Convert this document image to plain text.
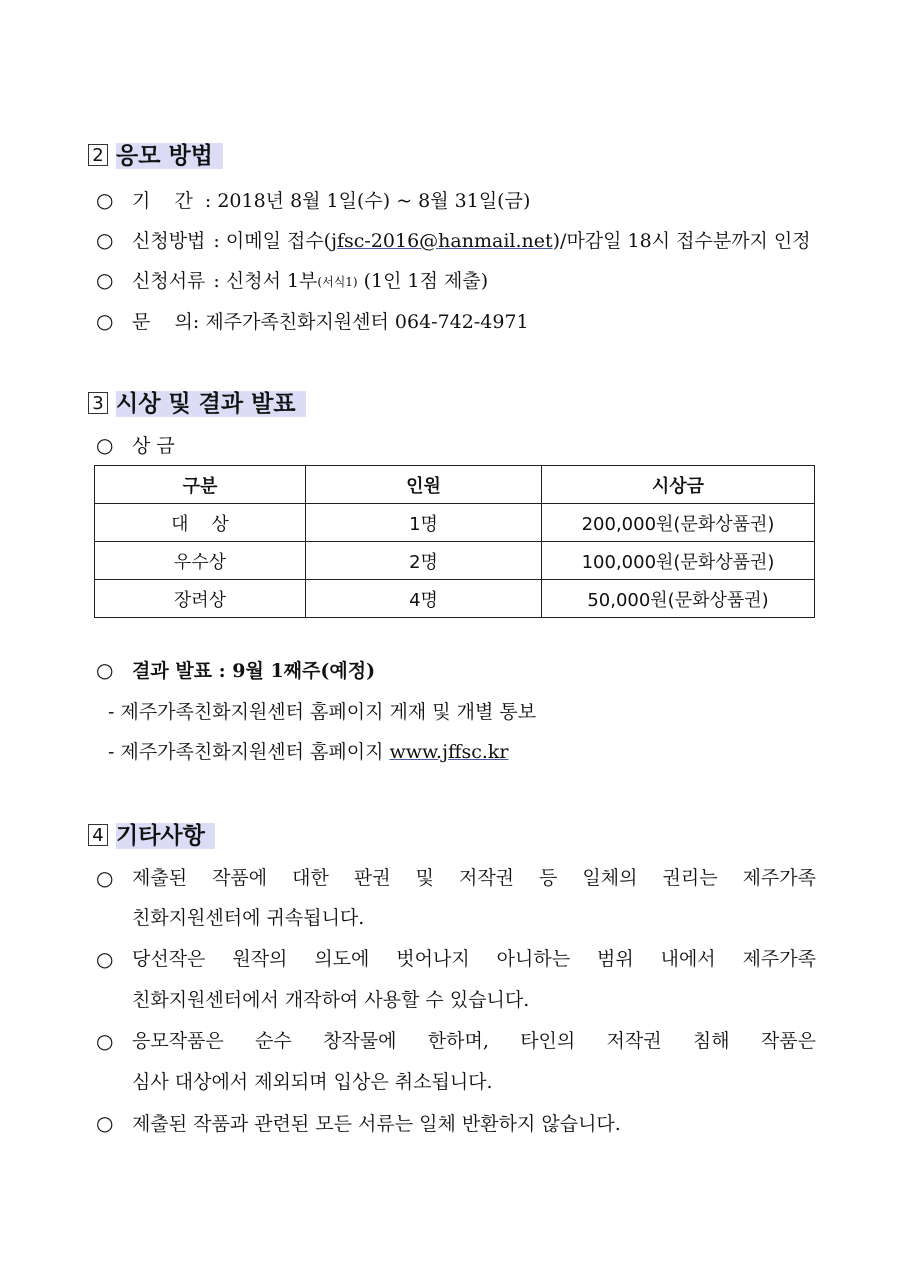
2 응모 방법
○ 기    간 : 2018년 8월 1일(수) ~ 8월 31일(금)
○ 신청방법 : 이메일 접수(jfsc-2016@hanmail.net)/마감일 18시 접수분까지 인정
○ 신청서류 : 신청서 1부(서식1) (1인 1점 제출)
○ 문    의: 제주가족친화지원센터 064-742-4971
3 시상 및 결과 발표
○ 상 금
구분	인원	시상금
대    상	1명	200,000원(문화상품권)
우수상	2명	100,000원(문화상품권)
장려상	4명	50,000원(문화상품권)
○ 결과 발표 : 9월 1째주(예정)
- 제주가족친화지원센터 홈페이지 게재 및 개별 통보
- 제주가족친화지원센터 홈페이지 www.jffsc.kr
4 기타사항
○ 제출된 작품에 대한 판권 및 저작권 등 일체의 권리는 제주가족
친화지원센터에 귀속됩니다.
○ 당선작은 원작의 의도에 벗어나지 아니하는 범위 내에서 제주가족
친화지원센터에서 개작하여 사용할 수 있습니다.
○ 응모작품은 순수 창작물에 한하며, 타인의 저작권 침해 작품은
심사 대상에서 제외되며 입상은 취소됩니다.
○ 제출된 작품과 관련된 모든 서류는 일체 반환하지 않습니다.
